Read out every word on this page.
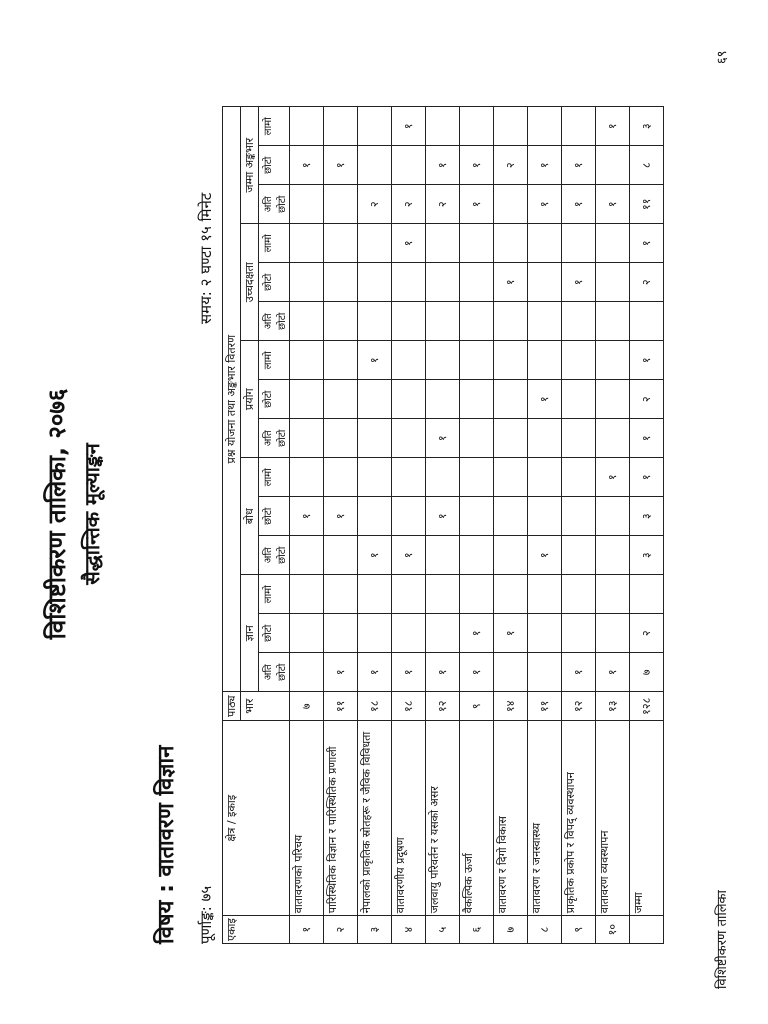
विशिष्टीकरण तालिका, २०७६ सैद्धान्तिक मूल्याङ्कन
विषय : वातावरण विज्ञान पूर्णाङ्क: ७५
समय: २ घण्टा १५ मिनेट
एकाइ	क्षेत्र / इकाइ	पाठ्य	प्रश्न योजना तथा अङ्कभार वितरण														
		भार	ज्ञान			बोध			प्रयोग			उच्चदक्षता			जम्मा अङ्कभार		
			अति छोटो	छोटो	लामो	अति छोटो	छोटो	लामो	अति छोटो	छोटो	लामो	अति छोटो	छोटो	लामो	अति छोटो	छोटो	लामो
१	वातावरणको परिचय	७					१									१	
२	पारिस्थितिक विज्ञान र पारिस्थितिक प्रणाली	११	१				१									१	
३	नेपालको प्राकृतिक स्रोतहरू र जैविक विविधता	१८	१			१					१				२		
४	वातावरणीय प्रदूषण	१८	१			१								१	२		१
५	जलवायु परिवर्तन र यसको असर	१२	१				१		१						२	१	
६	वैकल्पिक ऊर्जा	९	१	१											१	१	
७	वातावरण र दिगो विकास	१४		१									१			२	
८	वातावरण र जनस्वास्थ्य	११				१				१					१	१	
९	प्राकृतिक प्रकोप र विपद् व्यवस्थापन	१२	१										१		१	१	
१०	वातावरण व्यवस्थापन	१३	१					१							१		१
	जम्मा	१२८	७	२		३	३	१	१	२	१		२	१	११	८	३
विशिष्टीकरण तालिका
६९
